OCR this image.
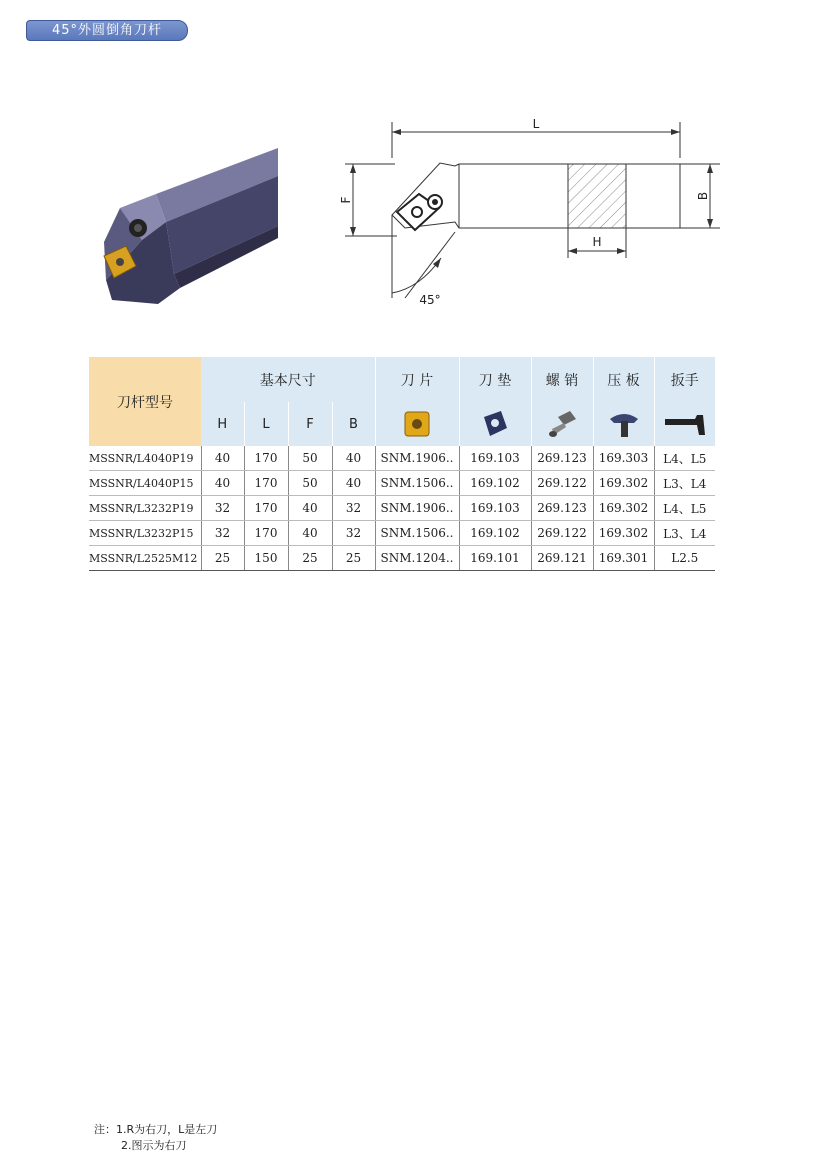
45°外圆倒角刀杆
L
F	B
H
45°
刀杆型号	基本尺寸				刀 片	刀 垫	螺 销	压 板	扳手
	H	L	F	B	

MSSNR/L4040P19	40	170	50	40	SNM.1906..	169.103	269.123	169.303	L4、L5
MSSNR/L4040P15	40	170	50	40	SNM.1506..	169.102	269.122	169.302	L3、L4
MSSNR/L3232P19	32	170	40	32	SNM.1906..	169.103	269.123	169.302	L4、L5
MSSNR/L3232P15	32	170	40	32	SNM.1506..	169.102	269.122	169.302	L3、L4
MSSNR/L2525M12	25	150	25	25	SNM.1204..	169.101	269.121	169.301	L2.5
注：1.R为右刀，L是左刀
2.图示为右刀
